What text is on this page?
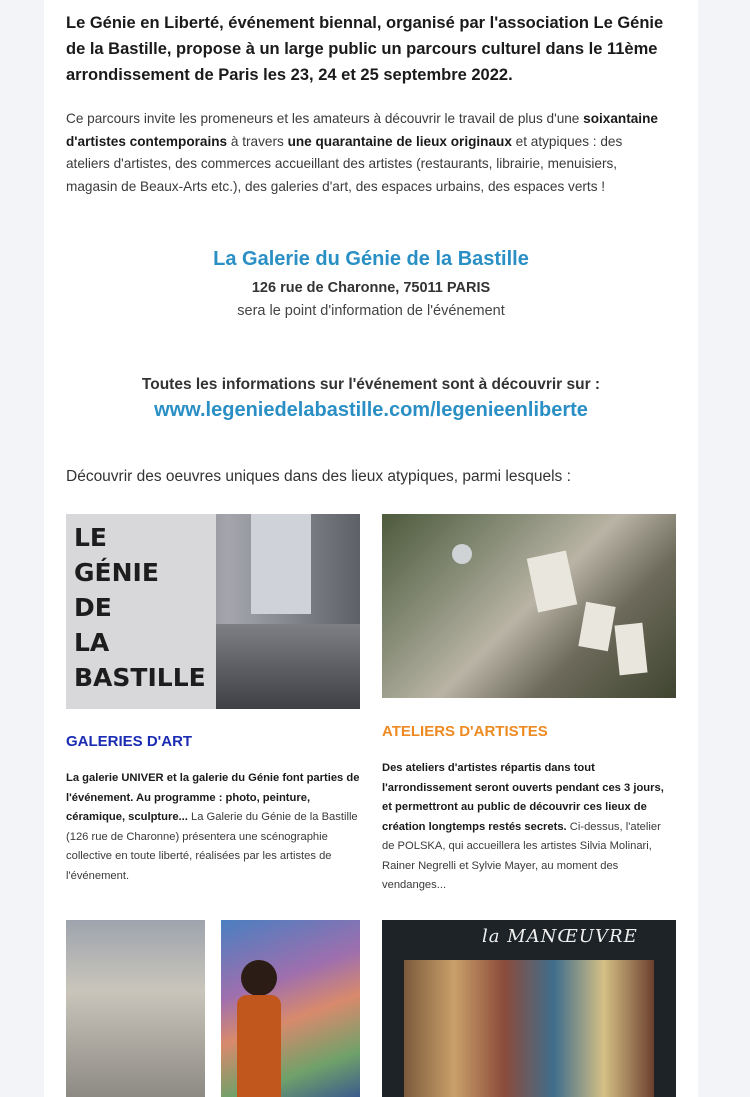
Le Génie en Liberté, événement biennal, organisé par l'association Le Génie de la Bastille, propose à un large public un parcours culturel dans le 11ème arrondissement de Paris les 23, 24 et 25 septembre 2022.

Ce parcours invite les promeneurs et les amateurs à découvrir le travail de plus d'une soixantaine d'artistes contemporains à travers une quarantaine de lieux originaux et atypiques : des ateliers d'artistes, des commerces accueillant des artistes (restaurants, librairie, menuisiers, magasin de Beaux-Arts etc.), des galeries d'art, des espaces urbains, des espaces verts !

La Galerie du Génie de la Bastille
126 rue de Charonne, 75011 PARIS
sera le point d'information de l'événement
Toutes les informations sur l'événement sont à découvrir sur :
www.legeniedelabastille.com/legenieenliberte
Découvrir des oeuvres uniques dans des lieux atypiques, parmi lesquels :
LE
GÉNIE
DE
LA
BASTILLE
GALERIES D'ART

La galerie UNIVER et la galerie du Génie font parties de l'événement. Au programme : photo, peinture, céramique, sculpture... La Galerie du Génie de la Bastille (126 rue de Charonne) présentera une scénographie collective en toute liberté, réalisées par les artistes de l'événement.

ATELIERS D'ARTISTES

Des ateliers d'artistes répartis dans tout l'arrondissement seront ouverts pendant ces 3 jours, et permettront au public de découvrir ces lieux de création longtemps restés secrets. Ci-dessus, l'atelier de POLSKA, qui accueillera les artistes Silvia Molinari, Rainer Negrelli et Sylvie Mayer, au moment des vendanges...

la MANŒUVRE
